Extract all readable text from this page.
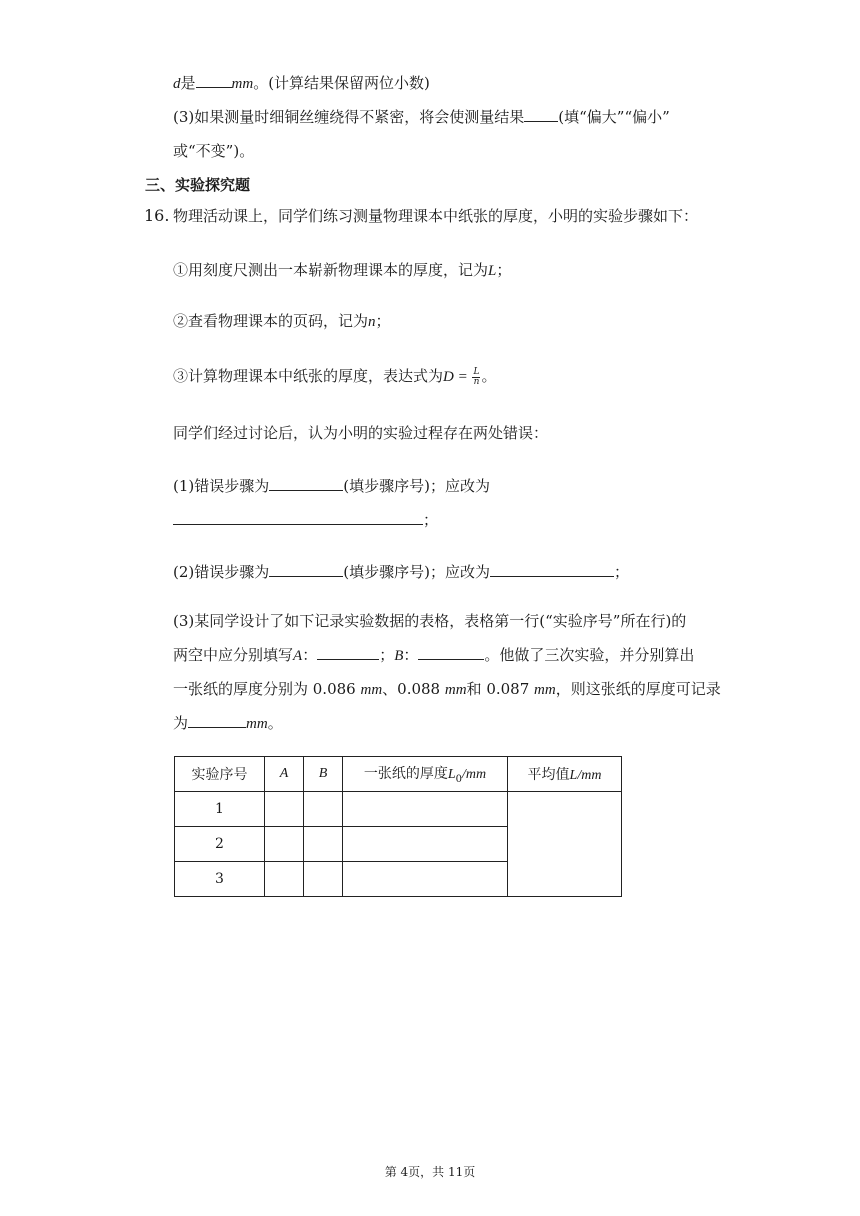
d是 mm。(计算结果保留两位小数)
(3)如果测量时细铜丝缠绕得不紧密，将会使测量结果 (填“偏大”“偏小”
或“不变”)。
三、实验探究题
16. 物理活动课上，同学们练习测量物理课本中纸张的厚度，小明的实验步骤如下：
①用刻度尺测出一本崭新物理课本的厚度，记为L；
②查看物理课本的页码，记为n；
③计算物理课本中纸张的厚度，表达式为$D = \frac{L}{n}$ 。
同学们经过讨论后，认为小明的实验过程存在两处错误：
(1)错误步骤为	(填步骤序号)；应改为
；
(2)错误步骤为	(填步骤序号)；应改为	；
(3)某同学设计了如下记录实验数据的表格，表格第一行(“实验序号”所在行)的
两空中应分别填写A：	；B：	。他做了三次实验，并分别算出
一张纸的厚度分别为 0.086 mm、0.088 mm和 0.087 mm，则这张纸的厚度可记录
为	mm。
实验序号	A	B	一张纸的厚度$L_0/mm$	平均值L/mm
1				
2				
3				
第 4页，共 11页
